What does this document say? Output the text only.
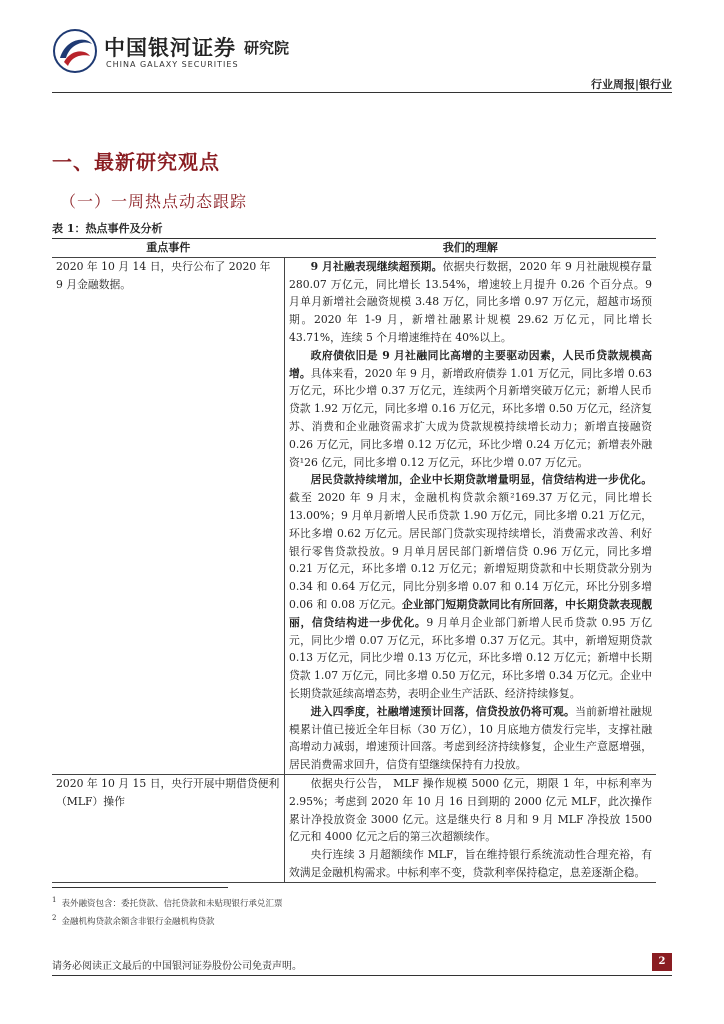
中国银河证券 研究院
CHINA GALAXY SECURITIES
行业周报|银行业
一、最新研究观点
（一）一周热点动态跟踪
表 1：热点事件及分析
重点事件	我们的理解
2020 年 10 月 14 日，央行公布了 2020 年 9 月金融数据。	9 月社融表现继续超预期。依据央行数据，2020 年 9 月社融规模存量 280.07 万亿元，同比增长 13.54%，增速较上月提升 0.26 个百分点。9 月单月新增社会融资规模 3.48 万亿，同比多增 0.97 万亿元，超越市场预期。2020 年 1-9 月，新增社融累计规模 29.62 万亿元，同比增长 43.71%，连续 5 个月增速维持在 40%以上。

政府债依旧是 9 月社融同比高增的主要驱动因素，人民币贷款规模高增。具体来看，2020 年 9 月，新增政府债券 1.01 万亿元，同比多增 0.63 万亿元，环比少增 0.37 万亿元，连续两个月新增突破万亿元；新增人民币贷款 1.92 万亿元，同比多增 0.16 万亿元，环比多增 0.50 万亿元，经济复苏、消费和企业融资需求扩大成为贷款规模持续增长动力；新增直接融资 0.26 万亿元，同比多增 0.12 万亿元，环比少增 0.24 万亿元；新增表外融资¹26 亿元，同比多增 0.12 万亿元，环比少增 0.07 万亿元。

居民贷款持续增加，企业中长期贷款增量明显，信贷结构进一步优化。截至 2020 年 9 月末，金融机构贷款余额²169.37 万亿元，同比增长 13.00%；9 月单月新增人民币贷款 1.90 万亿元，同比多增 0.21 万亿元，环比多增 0.62 万亿元。居民部门贷款实现持续增长，消费需求改善、利好银行零售贷款投放。9 月单月居民部门新增信贷 0.96 万亿元，同比多增 0.21 万亿元，环比多增 0.12 万亿元；新增短期贷款和中长期贷款分别为 0.34 和 0.64 万亿元，同比分别多增 0.07 和 0.14 万亿元，环比分别多增 0.06 和 0.08 万亿元。企业部门短期贷款同比有所回落，中长期贷款表现靓丽，信贷结构进一步优化。9 月单月企业部门新增人民币贷款 0.95 万亿元，同比少增 0.07 万亿元，环比多增 0.37 万亿元。其中，新增短期贷款 0.13 万亿元，同比少增 0.13 万亿元，环比多增 0.12 万亿元；新增中长期贷款 1.07 万亿元，同比多增 0.50 万亿元，环比多增 0.34 万亿元。企业中长期贷款延续高增态势，表明企业生产活跃、经济持续修复。

进入四季度，社融增速预计回落，信贷投放仍将可观。当前新增社融规模累计值已接近全年目标（30 万亿），10 月底地方债发行完毕，支撑社融高增动力减弱，增速预计回落。考虑到经济持续修复，企业生产意愿增强，居民消费需求回升，信贷有望继续保持有力投放。

2020 年 10 月 15 日，央行开展中期借贷便利（MLF）操作	依据央行公告， MLF 操作规模 5000 亿元，期限 1 年，中标利率为 2.95%；考虑到 2020 年 10 月 16 日到期的 2000 亿元 MLF，此次操作累计净投放资金 3000 亿元。这是继央行 8 月和 9 月 MLF 净投放 1500 亿元和 4000 亿元之后的第三次超额续作。

央行连续 3 月超额续作 MLF，旨在维持银行系统流动性合理充裕，有效满足金融机构需求。中标利率不变，贷款利率保持稳定，息差逐渐企稳。

$^1$ 表外融资包含：委托贷款、信托贷款和未贴现银行承兑汇票
$^2$ 金融机构贷款余额含非银行金融机构贷款
请务必阅读正文最后的中国银河证券股份公司免责声明。	2
